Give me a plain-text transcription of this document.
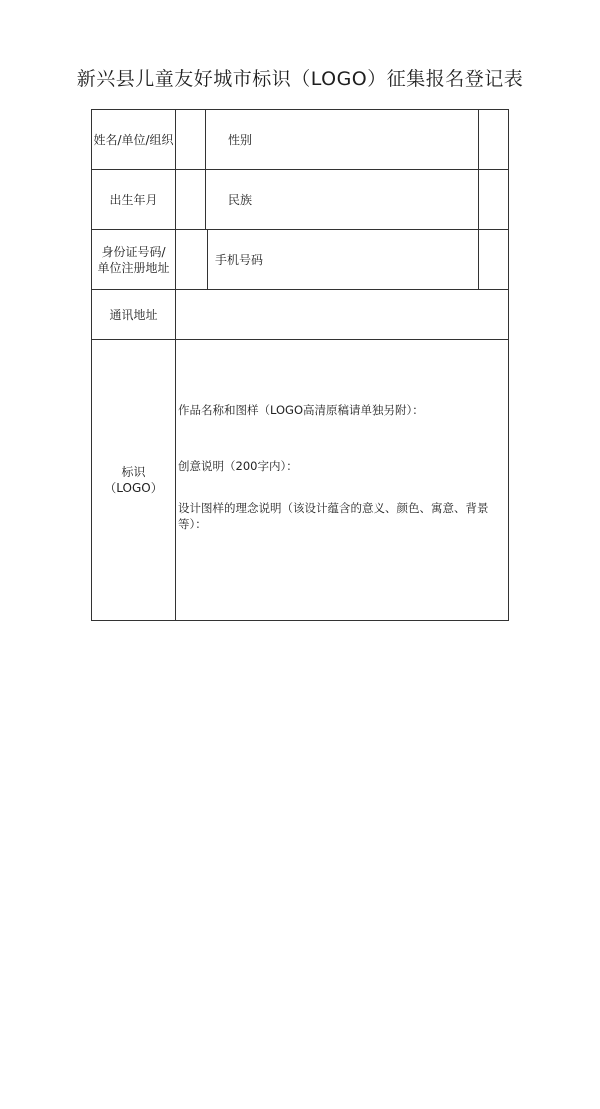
新兴县儿童友好城市标识（LOGO）征集报名登记表
姓名/单位/组织	性别
出生年月	民族
身份证号码/
单位注册地址
手机号码
通讯地址
标识
（LOGO）
作品名称和图样（LOGO高清原稿请单独另附）：
创意说明（200字内）：
设计图样的理念说明（该设计蕴含的意义、颜色、寓意、背景等）：
